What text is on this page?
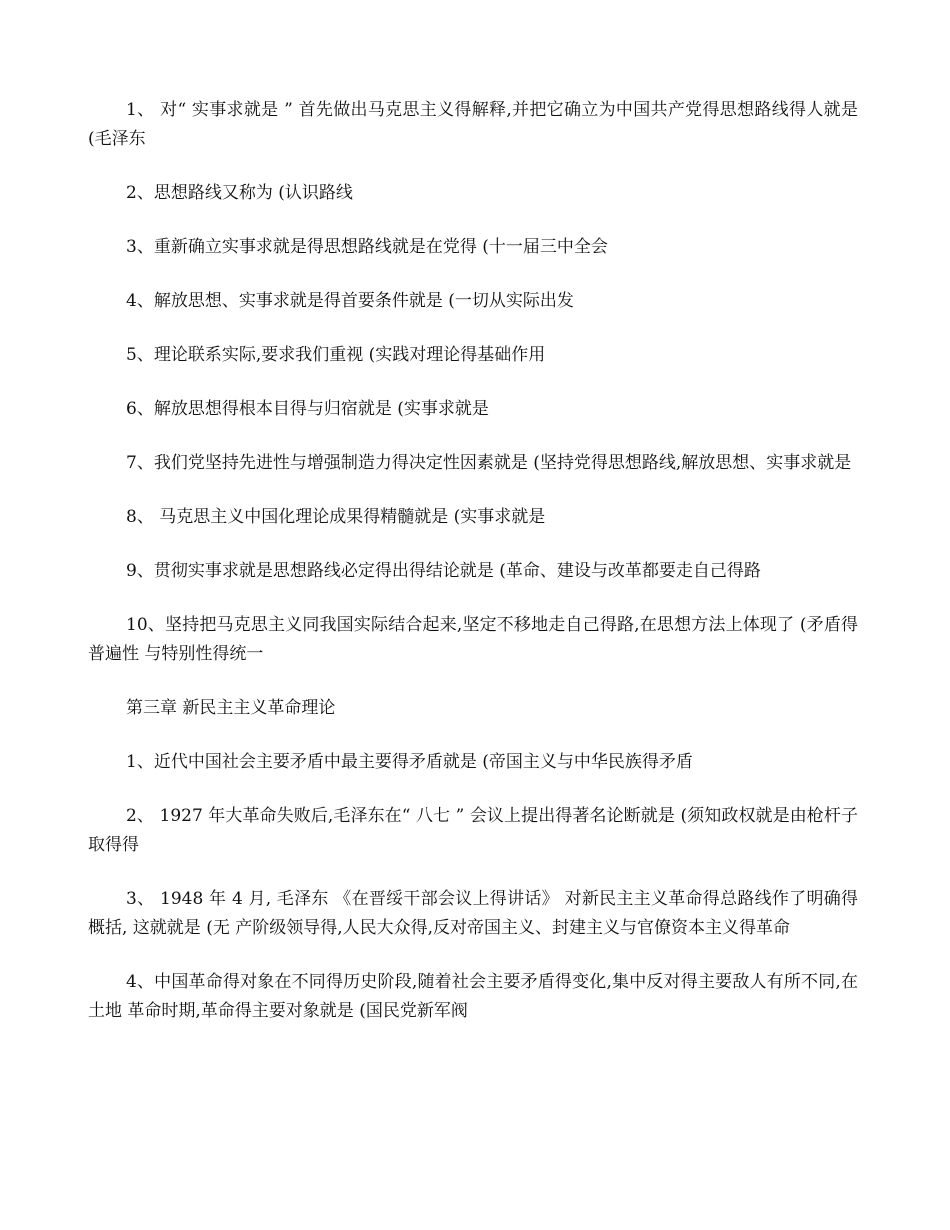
1、 对“ 实事求就是 ” 首先做出马克思主义得解释,并把它确立为中国共产党得思想路线得人就是 (毛泽东

2、思想路线又称为 (认识路线

3、重新确立实事求就是得思想路线就是在党得 (十一届三中全会

4、解放思想、实事求就是得首要条件就是 (一切从实际出发

5、理论联系实际,要求我们重视 (实践对理论得基础作用

6、解放思想得根本目得与归宿就是 (实事求就是

7、我们党坚持先进性与增强制造力得决定性因素就是 (坚持党得思想路线,解放思想、实事求就是

8、 马克思主义中国化理论成果得精髓就是 (实事求就是

9、贯彻实事求就是思想路线必定得出得结论就是 (革命、建设与改革都要走自己得路

10、坚持把马克思主义同我国实际结合起来,坚定不移地走自己得路,在思想方法上体现了 (矛盾得普遍性 与特别性得统一

第三章 新民主主义革命理论

1、近代中国社会主要矛盾中最主要得矛盾就是 (帝国主义与中华民族得矛盾

2、 1927 年大革命失败后,毛泽东在“ 八七 ” 会议上提出得著名论断就是 (须知政权就是由枪杆子取得得

3、 1948 年 4 月, 毛泽东 《在晋绥干部会议上得讲话》 对新民主主义革命得总路线作了明确得概括, 这就就是 (无 产阶级领导得,人民大众得,反对帝国主义、封建主义与官僚资本主义得革命

4、中国革命得对象在不同得历史阶段,随着社会主要矛盾得变化,集中反对得主要敌人有所不同,在土地 革命时期,革命得主要对象就是 (国民党新军阀
